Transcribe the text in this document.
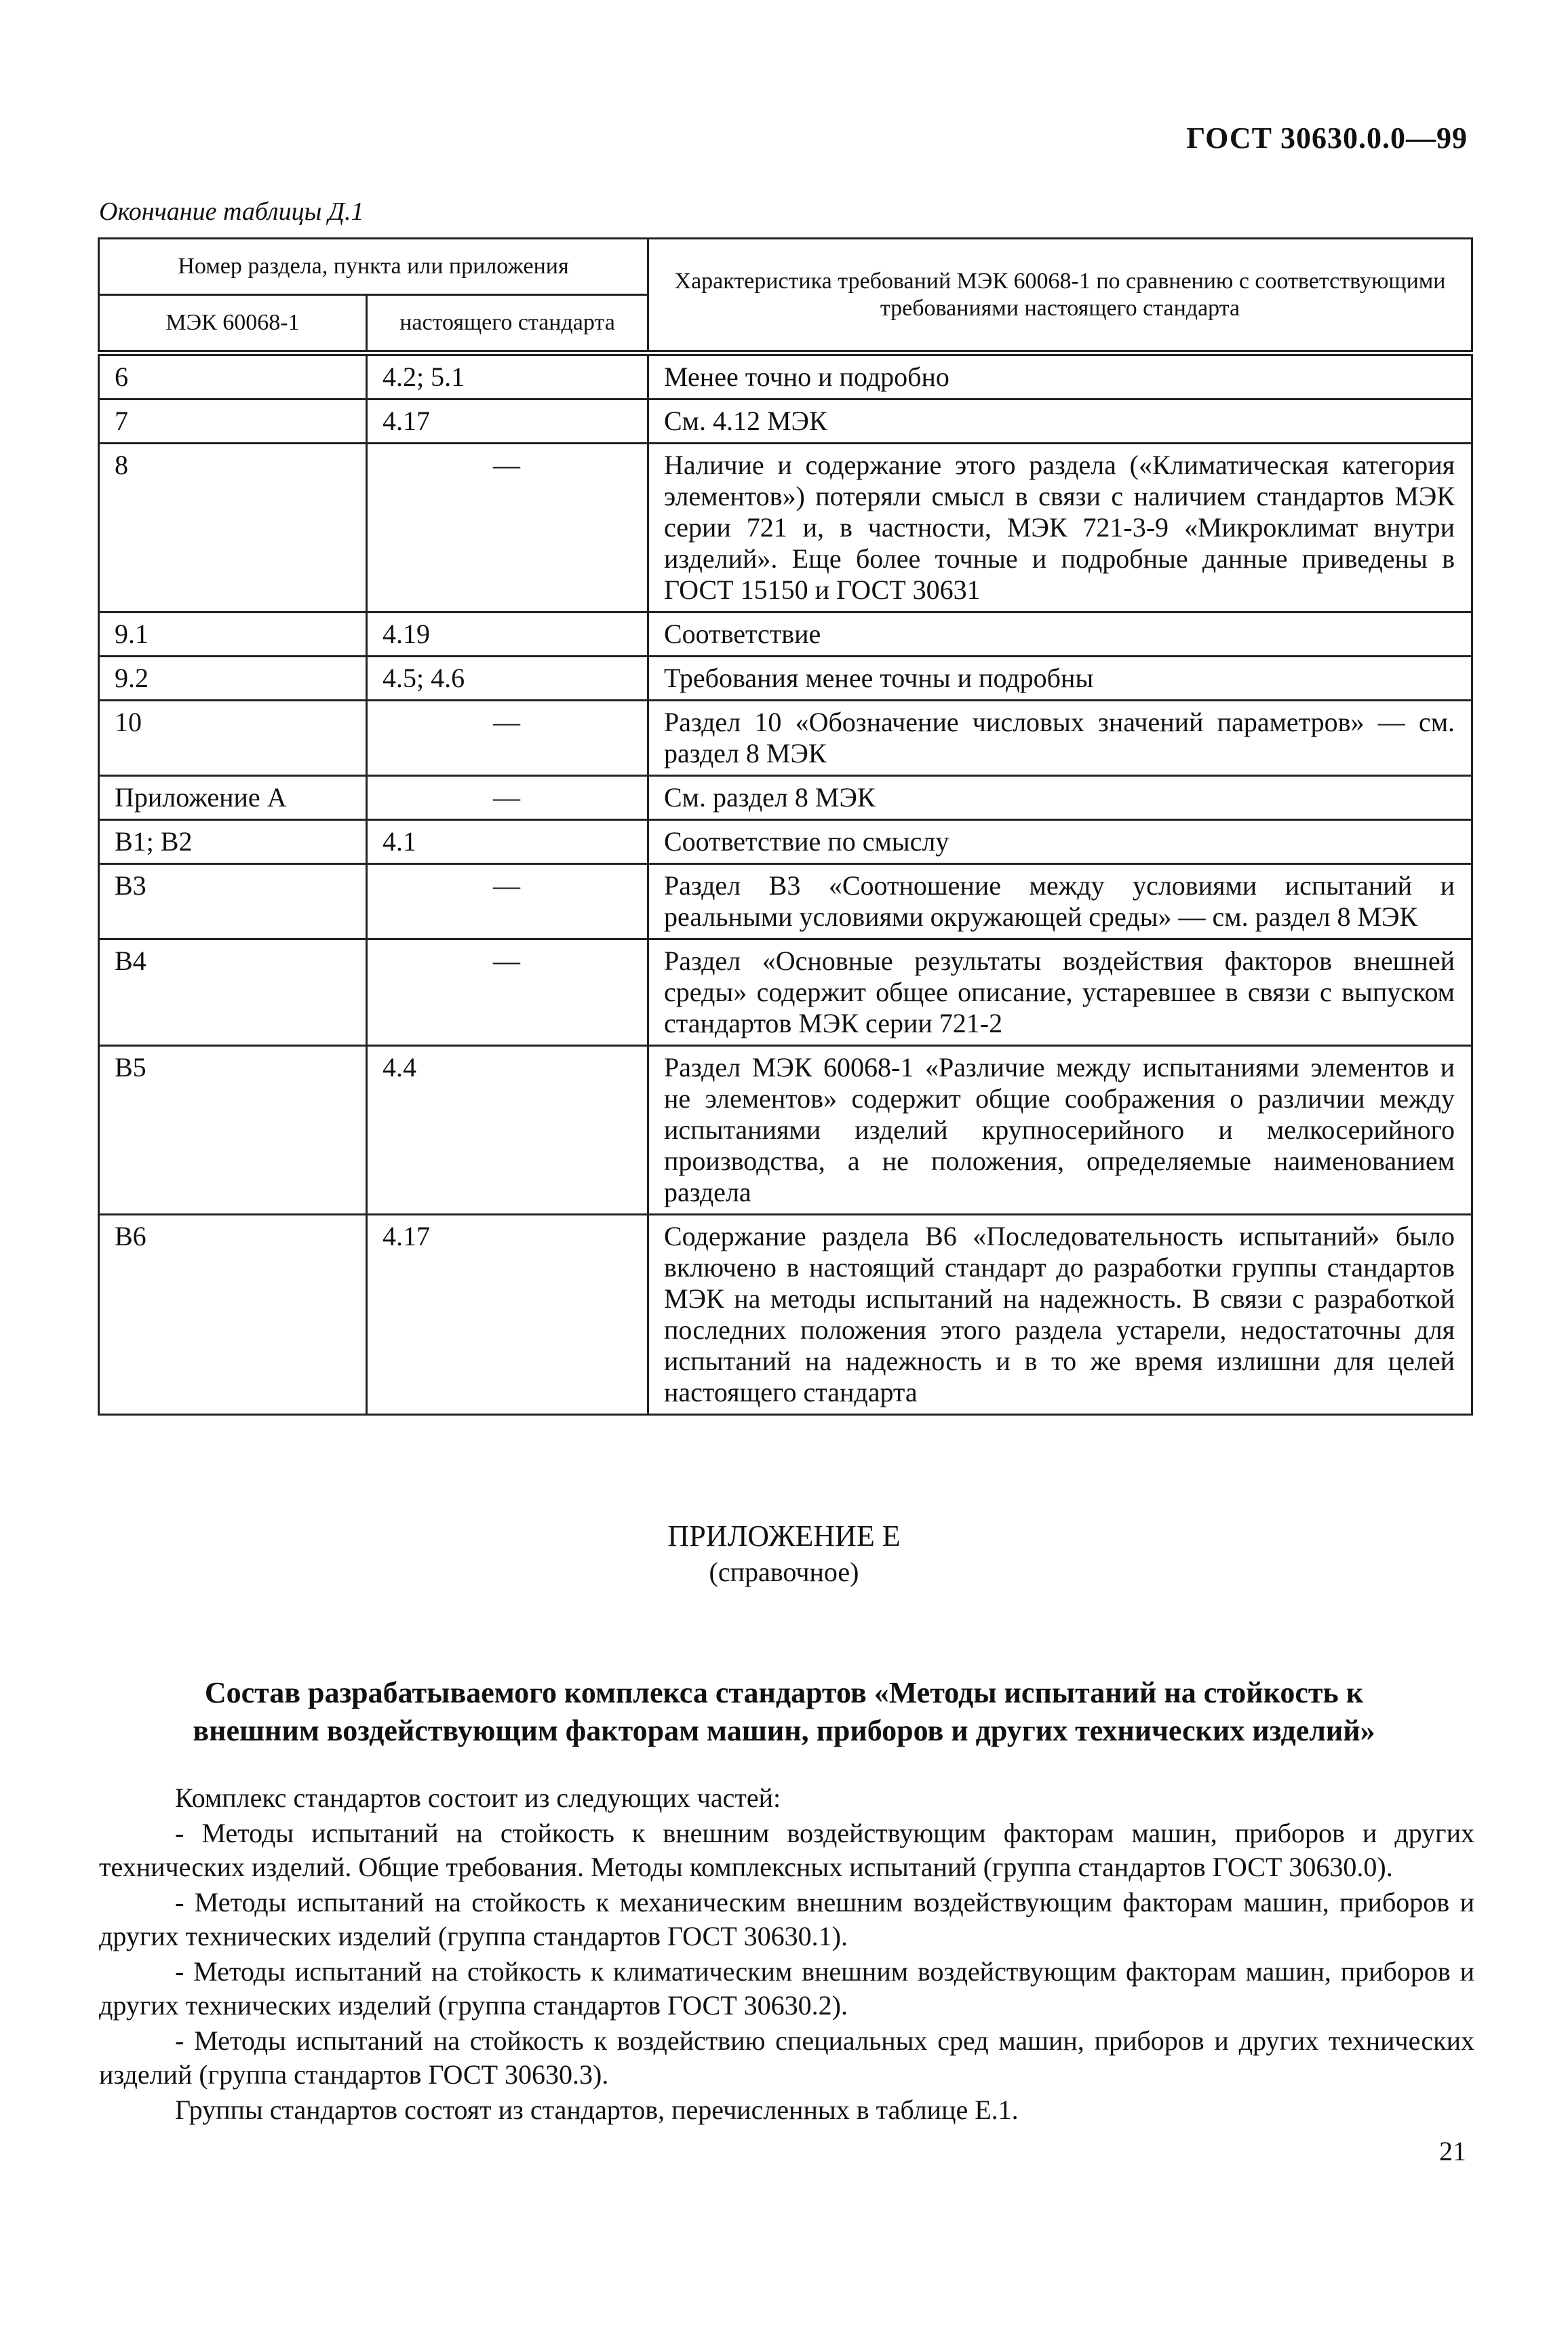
ГОСТ 30630.0.0—99
Окончание таблицы Д.1
Номер раздела, пункта или приложения		Характеристика требований МЭК 60068-1 по сравнению с соответствующими требованиями настоящего стандарта
МЭК 60068-1	настоящего стандарта	
6	4.2; 5.1	Менее точно и подробно
7	4.17	См. 4.12 МЭК
8	—	Наличие и содержание этого раздела («Климатическая категория элементов») потеряли смысл в связи с наличием стандартов МЭК серии 721 и, в частности, МЭК 721-3-9 «Микроклимат внутри изделий». Еще более точные и подробные данные приведены в ГОСТ 15150 и ГОСТ 30631
9.1	4.19	Соответствие
9.2	4.5; 4.6	Требования менее точны и подробны
10	—	Раздел 10 «Обозначение числовых значений параметров» — см. раздел 8 МЭК
Приложение А	—	См. раздел 8 МЭК
B1; B2	4.1	Соответствие по смыслу
В3	—	Раздел В3 «Соотношение между условиями испытаний и реальными условиями окружающей среды» — см. раздел 8 МЭК
В4	—	Раздел «Основные результаты воздействия факторов внешней среды» содержит общее описание, устаревшее в связи с выпуском стандартов МЭК серии 721-2
В5	4.4	Раздел МЭК 60068-1 «Различие между испытаниями элементов и не элементов» содержит общие соображения о различии между испытаниями изделий крупносерийного и мелкосерийного производства, а не положения, определяемые наименованием раздела
В6	4.17	Содержание раздела В6 «Последовательность испытаний» было включено в настоящий стандарт до разработки группы стандартов МЭК на методы испытаний на надежность. В связи с разработкой последних положения этого раздела устарели, недостаточны для испытаний на надежность и в то же время излишни для целей настоящего стандарта
ПРИЛОЖЕНИЕ Е
(справочное)
Состав разрабатываемого комплекса стандартов «Методы испытаний на стойкость к внешним воздействующим факторам машин, приборов и других технических изделий»

Комплекс стандартов состоит из следующих частей:

- Методы испытаний на стойкость к внешним воздействующим факторам машин, приборов и других технических изделий. Общие требования. Методы комплексных испытаний (группа стандартов ГОСТ 30630.0).

- Методы испытаний на стойкость к механическим внешним воздействующим факторам машин, приборов и других технических изделий (группа стандартов ГОСТ 30630.1).

- Методы испытаний на стойкость к климатическим внешним воздействующим факторам машин, приборов и других технических изделий (группа стандартов ГОСТ 30630.2).

- Методы испытаний на стойкость к воздействию специальных сред машин, приборов и других технических изделий (группа стандартов ГОСТ 30630.3).

Группы стандартов состоят из стандартов, перечисленных в таблице Е.1.

21
